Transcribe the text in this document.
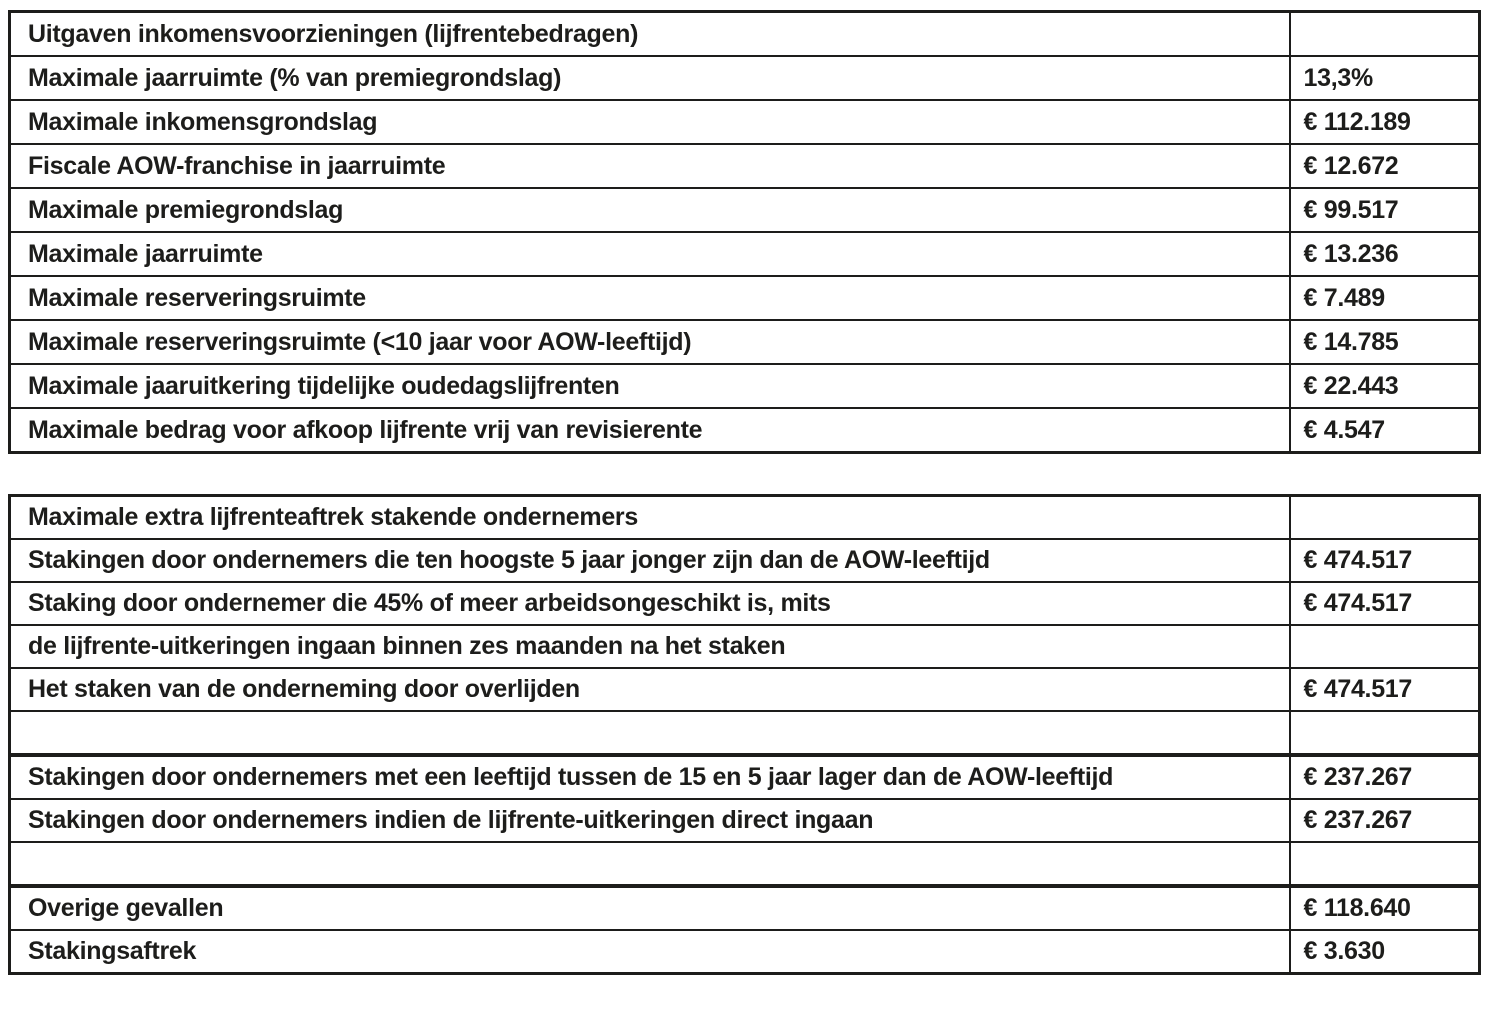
Uitgaven inkomensvoorzieningen (lijfrentebedragen)	
Maximale jaarruimte (% van premiegrondslag)	13,3%
Maximale inkomensgrondslag	€ 112.189
Fiscale AOW-franchise in jaarruimte	€ 12.672
Maximale premiegrondslag	€ 99.517
Maximale jaarruimte	€ 13.236
Maximale reserveringsruimte	€ 7.489
Maximale reserveringsruimte (<10 jaar voor AOW-leeftijd)	€ 14.785
Maximale jaaruitkering tijdelijke oudedagslijfrenten	€ 22.443
Maximale bedrag voor afkoop lijfrente vrij van revisierente	€ 4.547
Maximale extra lijfrenteaftrek stakende ondernemers	
Stakingen door ondernemers die ten hoogste 5 jaar jonger zijn dan de AOW-leeftijd	€ 474.517
Staking door ondernemer die 45% of meer arbeidsongeschikt is, mits	€ 474.517
de lijfrente-uitkeringen ingaan binnen zes maanden na het staken	
Het staken van de onderneming door overlijden	€ 474.517

Stakingen door ondernemers met een leeftijd tussen de 15 en 5 jaar lager dan de AOW-leeftijd	€ 237.267
Stakingen door ondernemers indien de lijfrente-uitkeringen direct ingaan	€ 237.267

Overige gevallen	€ 118.640
Stakingsaftrek	€ 3.630
